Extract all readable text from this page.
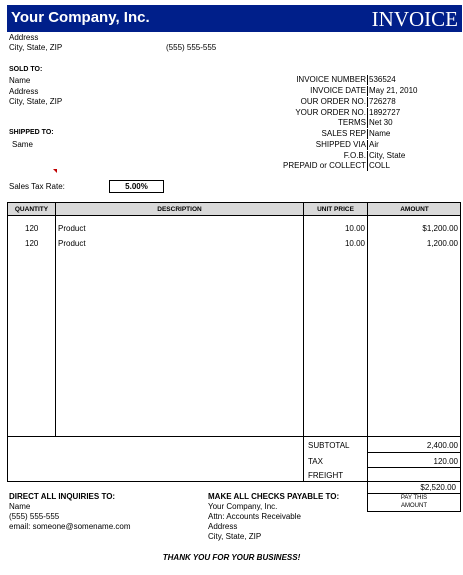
Your Company, Inc.	INVOICE
Address
City, State, ZIP	(555) 555-555
SOLD TO:
Name
Address
City, State, ZIP
SHIPPED TO:
Same
INVOICE NUMBER 536524
INVOICE DATE May 21, 2010
OUR ORDER NO. 726278
YOUR ORDER NO. 1892727
TERMS Net 30
SALES REP Name
SHIPPED VIA Air
F.O.B. City, State
PREPAID or COLLECT COLL
Sales Tax Rate:	5.00%
QUANTITY	DESCRIPTION	UNIT PRICE	AMOUNT
120 Product	10.00	$1,200.00
120 Product	10.00	1,200.00
SUBTOTAL	2,400.00
TAX	120.00
FREIGHT
$2,520.00
PAY THIS
AMOUNT
DIRECT ALL INQUIRIES TO:
Name
(555) 555-555
email: someone@somename.com
MAKE ALL CHECKS PAYABLE TO:
Your Company, Inc.
Attn: Accounts Receivable
Address
City, State, ZIP
THANK YOU FOR YOUR BUSINESS!
